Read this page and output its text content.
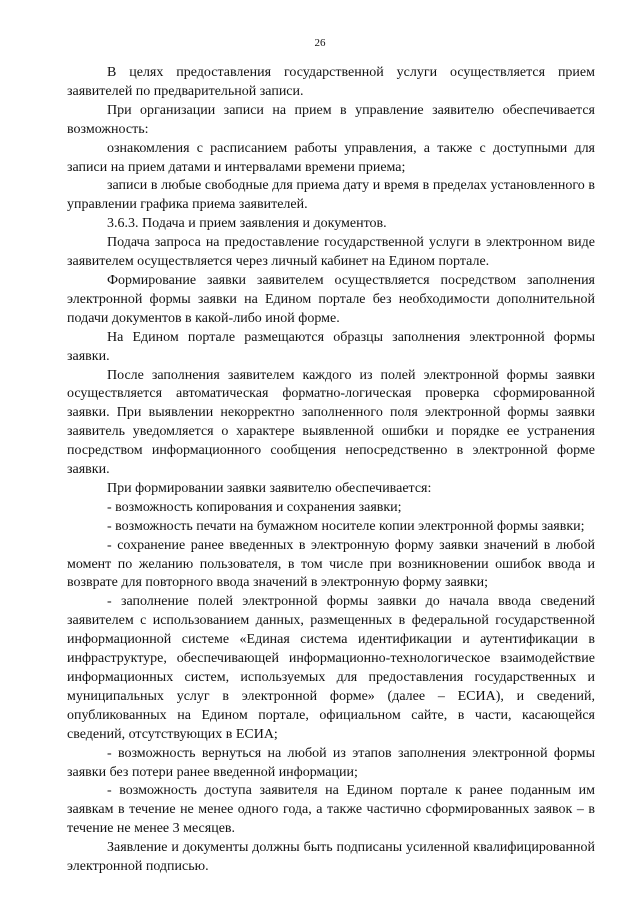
26

В целях предоставления государственной услуги осуществляется прием заявителей по предварительной записи.

При организации записи на прием в управление заявителю обеспечивается возможность:

ознакомления с расписанием работы управления, а также с доступными для записи на прием датами и интервалами времени приема;

записи в любые свободные для приема дату и время в пределах установленного в управлении графика приема заявителей.

3.6.3. Подача и прием заявления и документов.

Подача запроса на предоставление государственной услуги в электронном виде заявителем осуществляется через личный кабинет на Едином портале.

Формирование заявки заявителем осуществляется посредством заполнения электронной формы заявки на Едином портале без необходимости дополнительной подачи документов в какой-либо иной форме.

На Едином портале размещаются образцы заполнения электронной формы заявки.

После заполнения заявителем каждого из полей электронной формы заявки осуществляется автоматическая форматно-логическая проверка сформированной заявки. При выявлении некорректно заполненного поля электронной формы заявки заявитель уведомляется о характере выявленной ошибки и порядке ее устранения посредством информационного сообщения непосредственно в электронной форме заявки.

При формировании заявки заявителю обеспечивается:

- возможность копирования и сохранения заявки;

- возможность печати на бумажном носителе копии электронной формы заявки;

- сохранение ранее введенных в электронную форму заявки значений в любой момент по желанию пользователя, в том числе при возникновении ошибок ввода и возврате для повторного ввода значений в электронную форму заявки;

- заполнение полей электронной формы заявки до начала ввода сведений заявителем с использованием данных, размещенных в федеральной государственной информационной системе «Единая система идентификации и аутентификации в инфраструктуре, обеспечивающей информационно-технологическое взаимодействие информационных систем, используемых для предоставления государственных и муниципальных услуг в электронной форме» (далее – ЕСИА), и сведений, опубликованных на Едином портале, официальном сайте, в части, касающейся сведений, отсутствующих в ЕСИА;

- возможность вернуться на любой из этапов заполнения электронной формы заявки без потери ранее введенной информации;

- возможность доступа заявителя на Едином портале к ранее поданным им заявкам в течение не менее одного года, а также частично сформированных заявок – в течение не менее 3 месяцев.

Заявление и документы должны быть подписаны усиленной квалифицированной электронной подписью.
